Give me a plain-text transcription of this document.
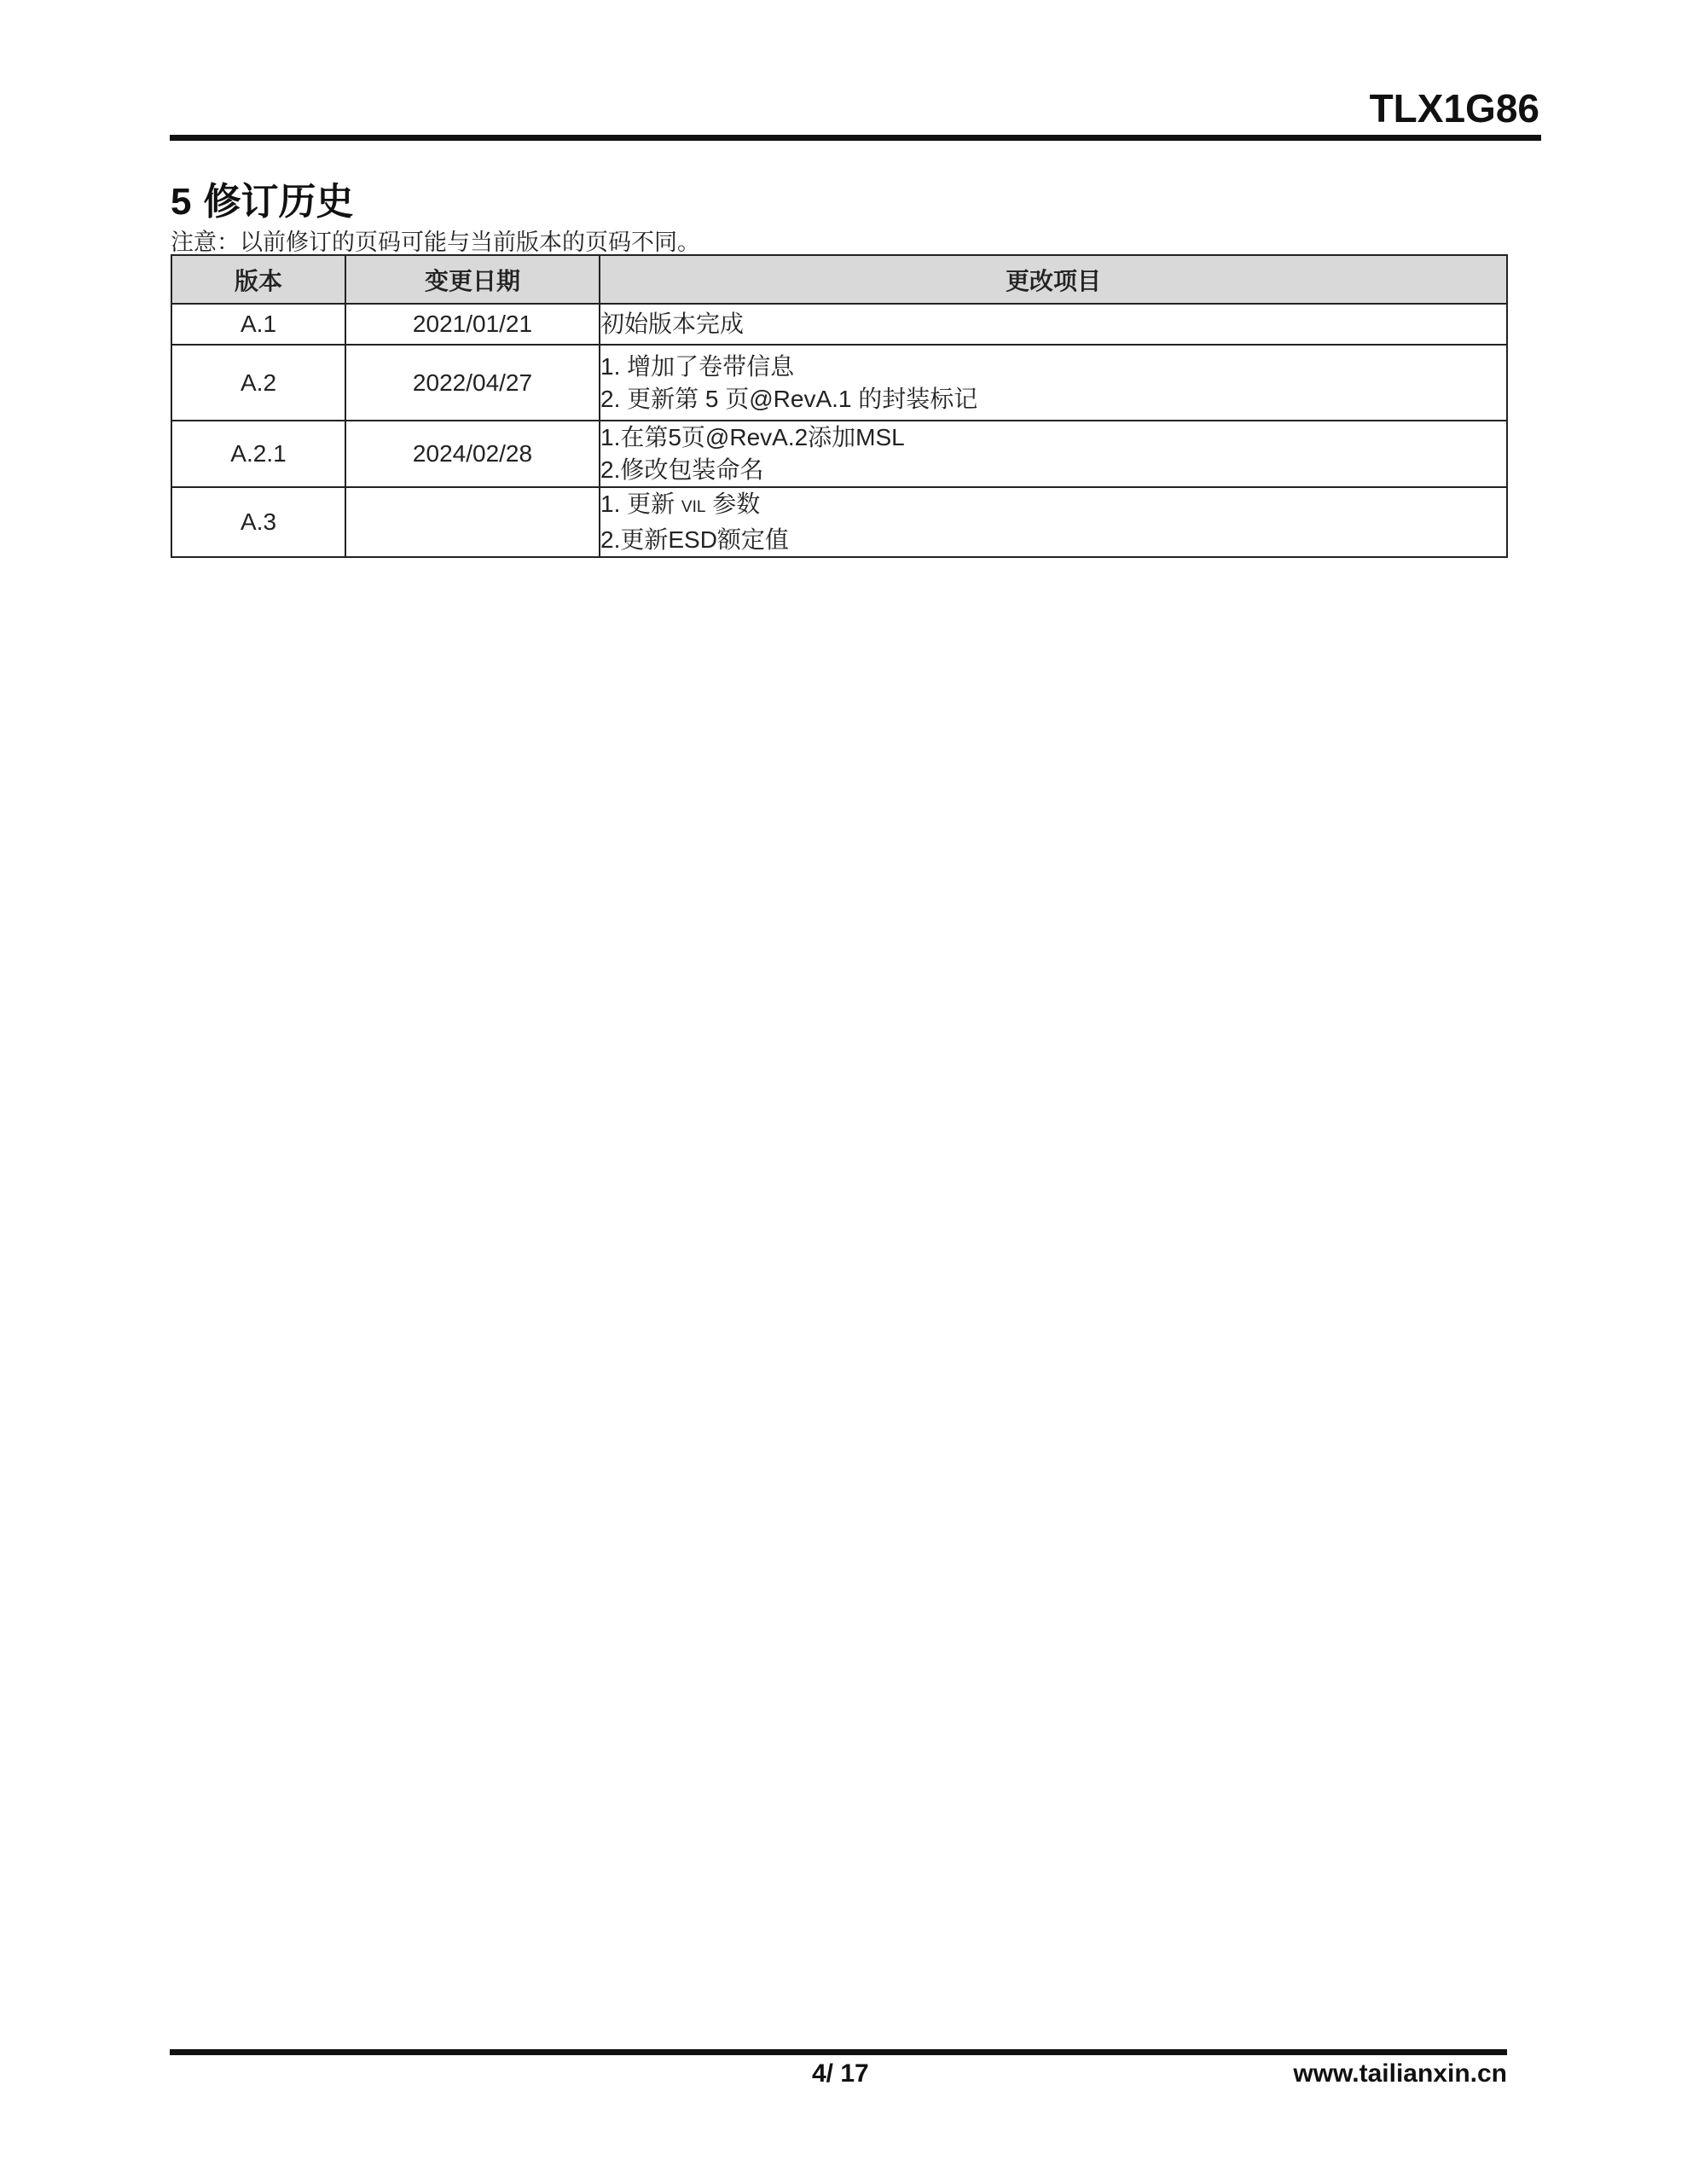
TLX1G86
5 修订历史
注意：以前修订的页码可能与当前版本的页码不同。
版本	变更日期	更改项目
A.1	2021/01/21	初始版本完成

A.2	2022/04/27	1. 增加了卷带信息
2. 更新第 5 页@RevA.1 的封装标记

A.2.1	2024/02/28	1.在第5页@RevA.2添加MSL
2.修改包装命名

A.3		1. 更新 VIL 参数
2.更新ESD额定值
4/ 17	www.tailianxin.cn
